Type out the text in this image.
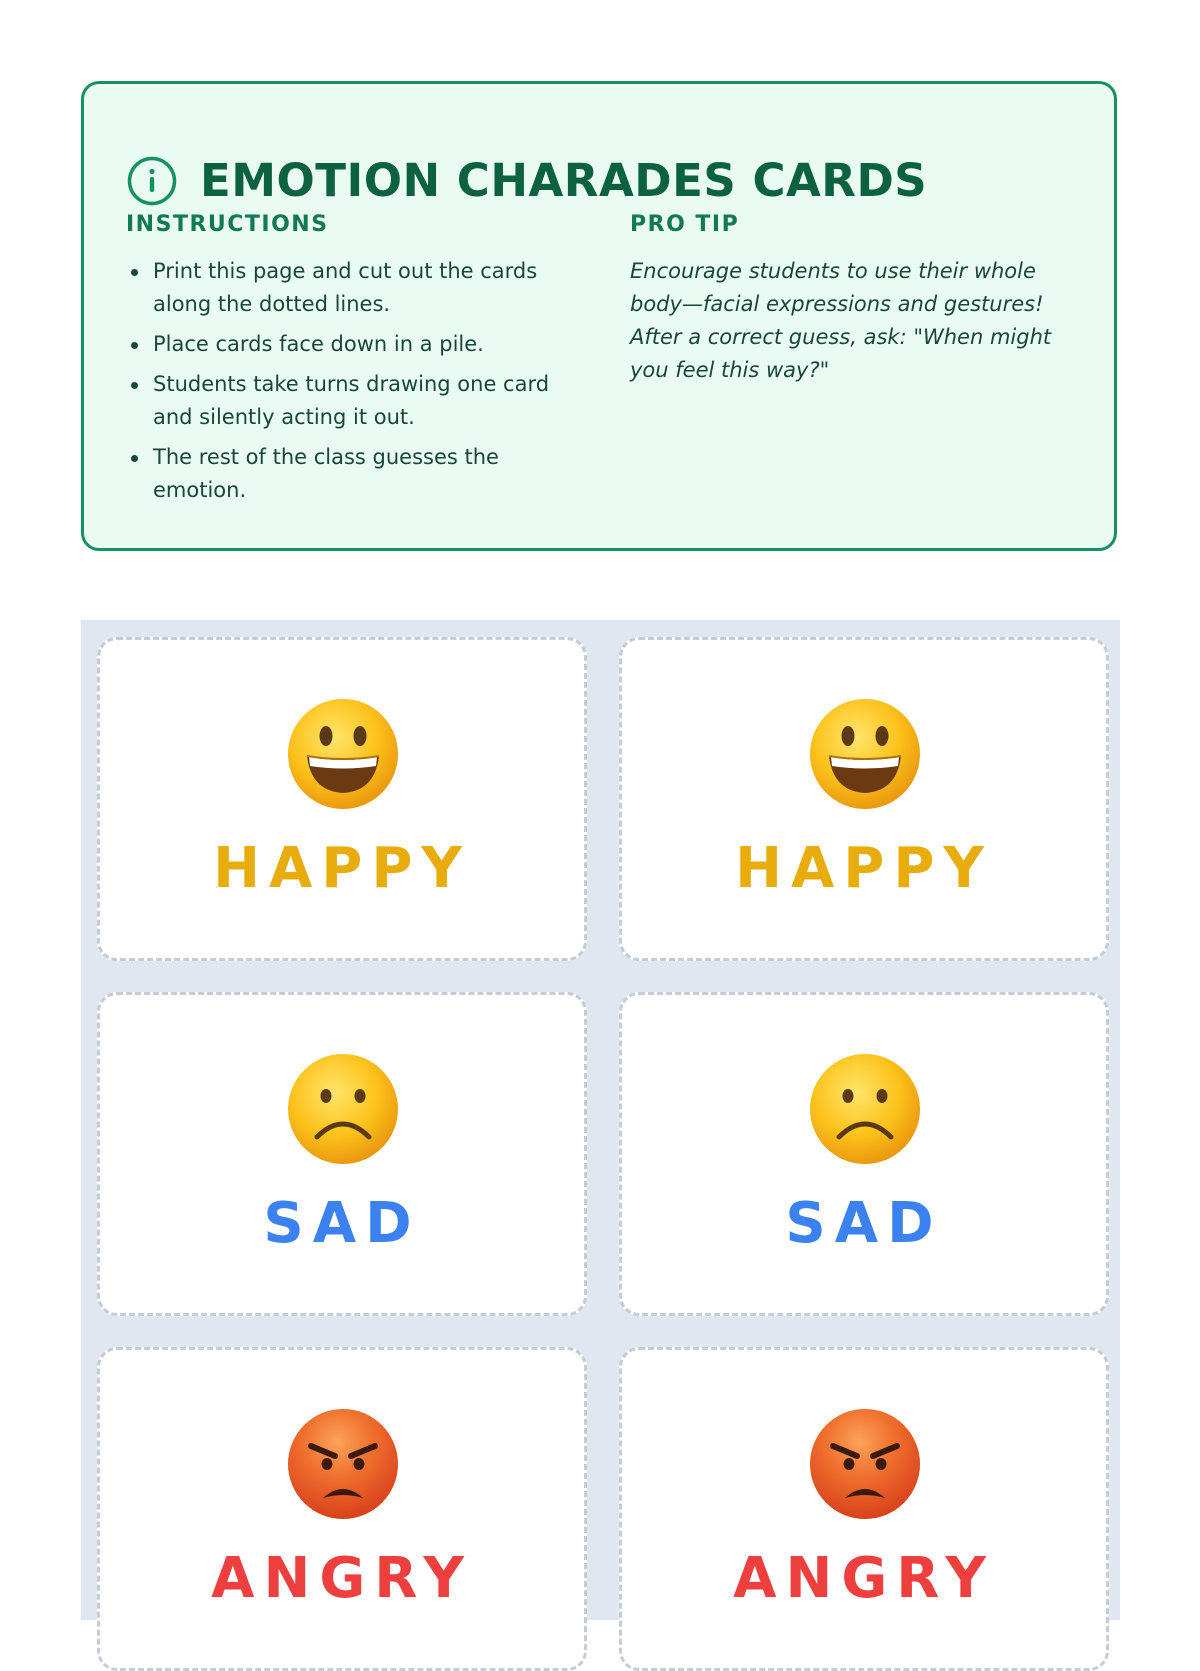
EMOTION CHARADES CARDS
INSTRUCTIONS
Print this page and cut out the cards along the dotted lines.
Place cards face down in a pile.
Students take turns drawing one card and silently acting it out.
The rest of the class guesses the emotion.
PRO TIP

Encourage students to use their whole body—facial expressions and gestures! After a correct guess, ask: "When might you feel this way?"

HAPPY	HAPPY
SAD	SAD
ANGRY	ANGRY
